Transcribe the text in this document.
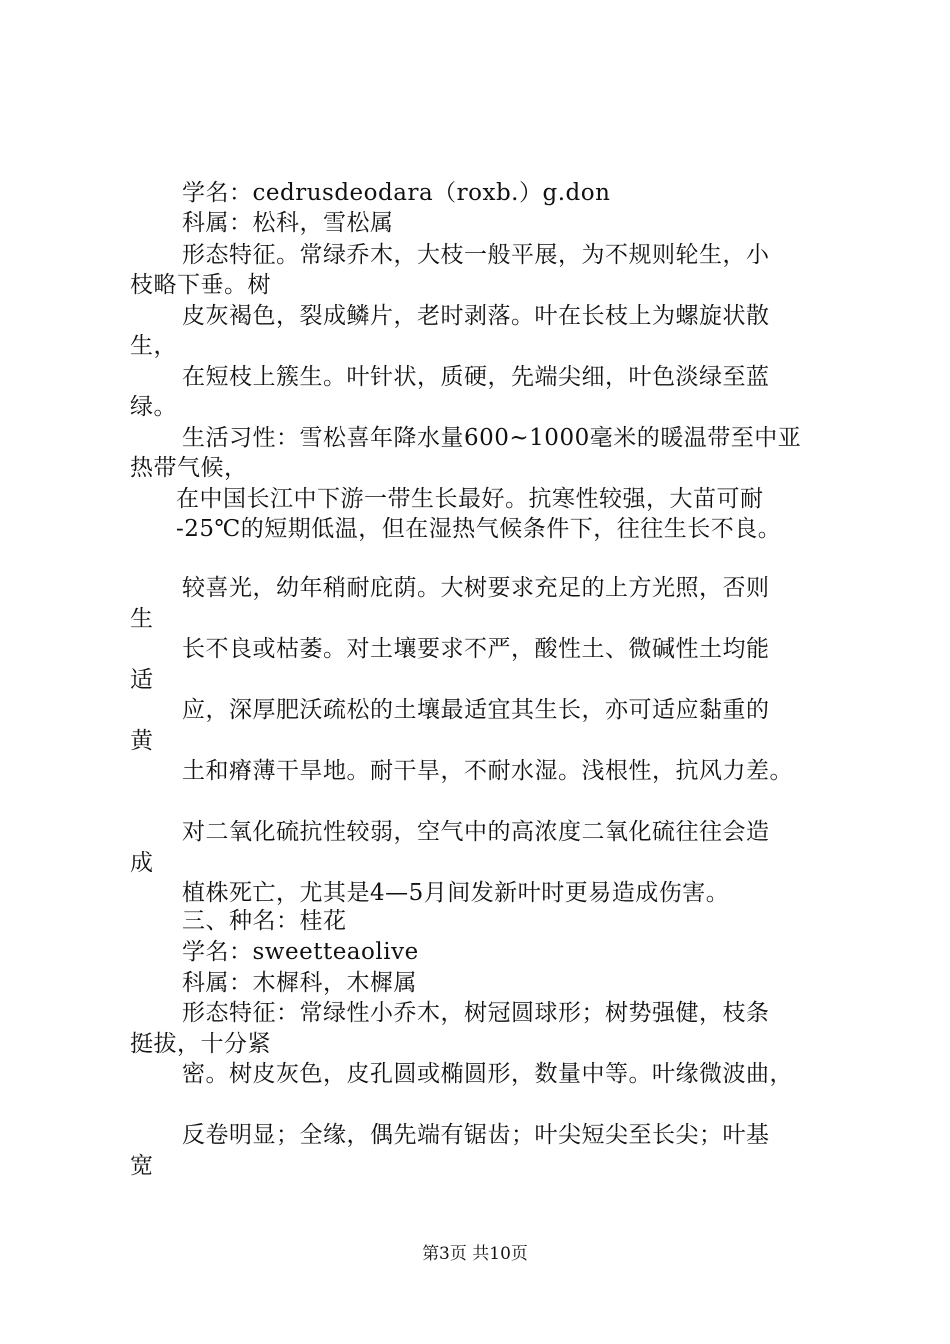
学名：cedrusdeodara（roxb.）g.don
科属：松科，雪松属
形态特征。常绿乔木，大枝一般平展，为不规则轮生，小
枝略下垂。树
皮灰褐色，裂成鳞片，老时剥落。叶在长枝上为螺旋状散
生，
在短枝上簇生。叶针状，质硬，先端尖细，叶色淡绿至蓝
绿。
生活习性：雪松喜年降水量600~1000毫米的暖温带至中亚
热带气候，
在中国长江中下游一带生长最好。抗寒性较强，大苗可耐
-25℃的短期低温，但在湿热气候条件下，往往生长不良。
较喜光，幼年稍耐庇荫。大树要求充足的上方光照，否则
生
长不良或枯萎。对土壤要求不严，酸性土、微碱性土均能
适
应，深厚肥沃疏松的土壤最适宜其生长，亦可适应黏重的
黄
土和瘠薄干旱地。耐干旱，不耐水湿。浅根性，抗风力差。
对二氧化硫抗性较弱，空气中的高浓度二氧化硫往往会造
成
植株死亡，尤其是4—5月间发新叶时更易造成伤害。
三、种名：桂花
学名：sweetteaolive
科属：木樨科，木樨属
形态特征：常绿性小乔木，树冠圆球形；树势强健，枝条
挺拔，十分紧
密。树皮灰色，皮孔圆或椭圆形，数量中等。叶缘微波曲，
反卷明显；全缘，偶先端有锯齿；叶尖短尖至长尖；叶基
宽
第3页 共10页
